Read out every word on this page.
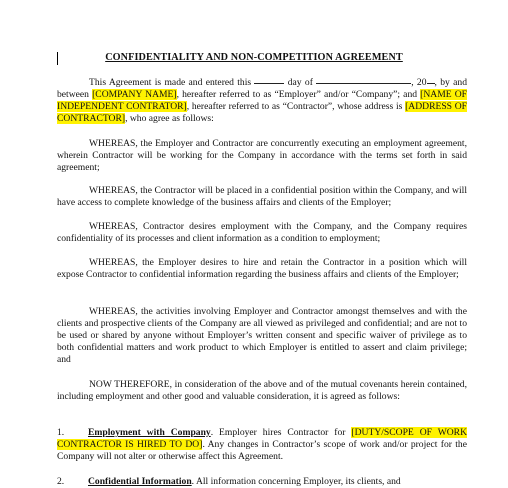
CONFIDENTIALITY AND NON-COMPETITION AGREEMENT
This Agreement is made and entered this	day of	, 20 , by and between [COMPANY NAME], hereafter referred to as “Employer” and/or “Company”; and [NAME OF INDEPENDENT CONTRATOR], hereafter referred to as “Contractor”, whose address is [ADDRESS OF CONTRACTOR], who agree as follows:
WHEREAS, the Employer and Contractor are concurrently executing an employment agreement, wherein Contractor will be working for the Company in accordance with the terms set forth in said agreement;
WHEREAS, the Contractor will be placed in a confidential position within the Company, and will have access to complete knowledge of the business affairs and clients of the Employer;
WHEREAS, Contractor desires employment with the Company, and the Company requires confidentiality of its processes and client information as a condition to employment;
WHEREAS, the Employer desires to hire and retain the Contractor in a position which will expose Contractor to confidential information regarding the business affairs and clients of the Employer;
WHEREAS, the activities involving Employer and Contractor amongst themselves and with the clients and prospective clients of the Company are all viewed as privileged and confidential; and are not to be used or shared by anyone without Employer’s written consent and specific waiver of privilege as to both confidential matters and work product to which Employer is entitled to assert and claim privilege; and
NOW THEREFORE, in consideration of the above and of the mutual covenants herein contained, including employment and other good and valuable consideration, it is agreed as follows:
1. Employment with Company. Employer hires Contractor for [DUTY/SCOPE OF WORK CONTRACTOR IS HIRED TO DO]. Any changes in Contractor’s scope of work and/or project for the Company will not alter or otherwise affect this Agreement.
2. Confidential Information. All information concerning Employer, its clients, and
